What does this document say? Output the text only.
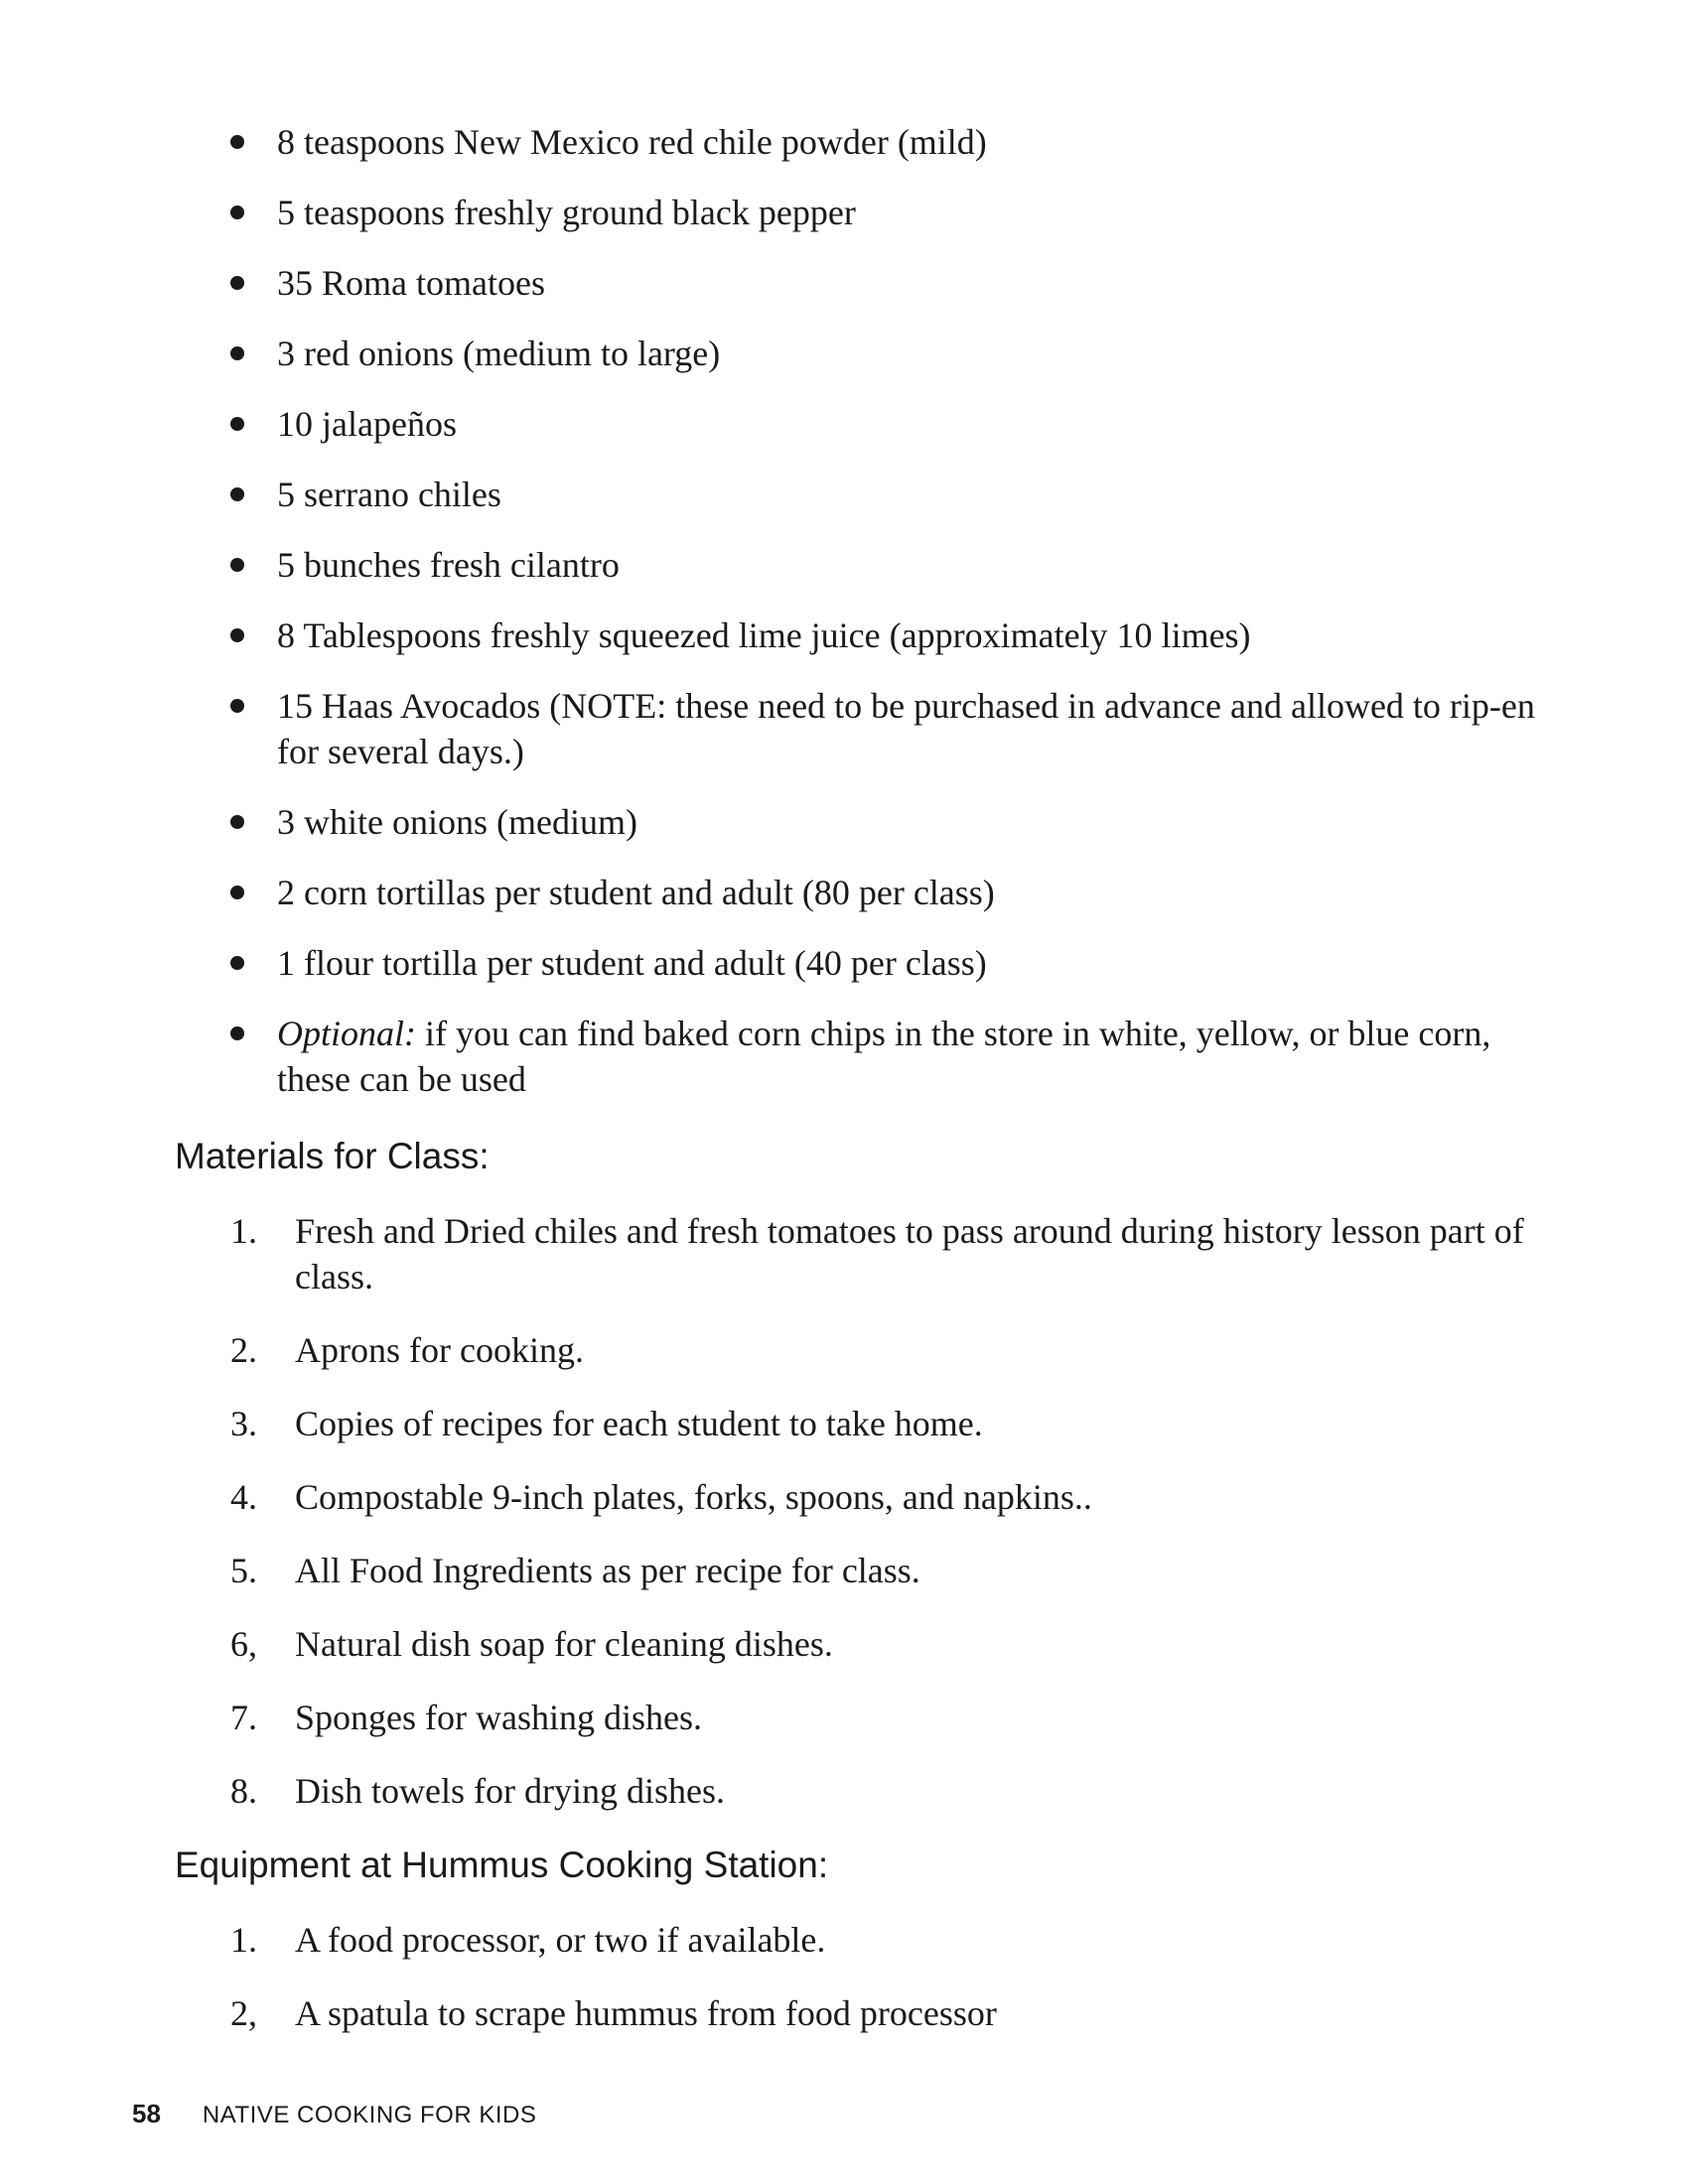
8 teaspoons New Mexico red chile powder (mild)
5 teaspoons freshly ground black pepper
35 Roma tomatoes
3 red onions (medium to large)
10 jalapeños
5 serrano chiles
5 bunches fresh cilantro
8 Tablespoons freshly squeezed lime juice (approximately 10 limes)
15 Haas Avocados (NOTE: these need to be purchased in advance and allowed to rip-en for several days.)
3 white onions (medium)
2 corn tortillas per student and adult (80 per class)
1 flour tortilla per student and adult (40 per class)
Optional: if you can find baked corn chips in the store in white, yellow, or blue corn, these can be used
Materials for Class:
1. Fresh and Dried chiles and fresh tomatoes to pass around during history lesson part of class.
2. Aprons for cooking.
3. Copies of recipes for each student to take home.
4. Compostable 9-inch plates, forks, spoons, and napkins..
5. All Food Ingredients as per recipe for class.
6, Natural dish soap for cleaning dishes.
7. Sponges for washing dishes.
8. Dish towels for drying dishes.
Equipment at Hummus Cooking Station:
1. A food processor, or two if available.
2, A spatula to scrape hummus from food processor
58 NATIVE COOKING FOR KIDS
